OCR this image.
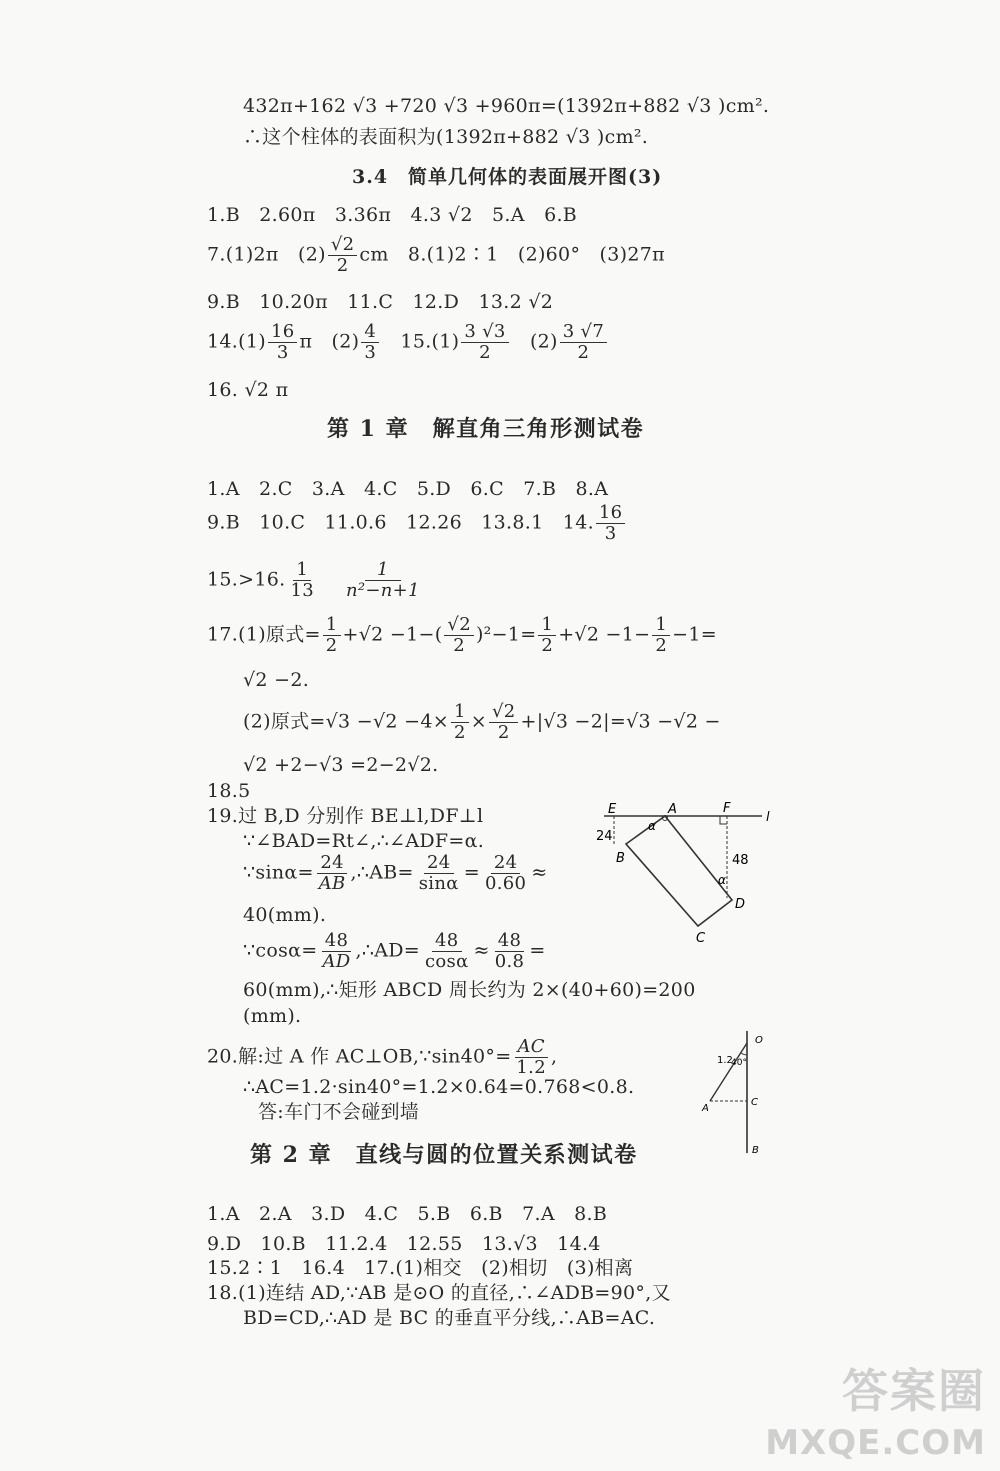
432π+162 √3 +720 √3 +960π=(1392π+882 √3 )cm².
∴这个柱体的表面积为(1392π+882 √3 )cm².
3.4　简单几何体的表面展开图(3)
1.B　2.60π　3.36π　4.3 √2　5.A　6.B
7.(1)2π　$(2) \frac{√2}{2}$ cm　8.(1)2∶1　(2)60°　(3)27π
9.B　10.20π　11.C　12.D　13.2 √2
$14.(1) \frac{16}{3}$ π　$(2) \frac{4}{3}$ 　$15.(1) \frac{3 √3}{2}$ 　$(2) \frac{3 √7}{2}$
16. √2 π
第 1 章　解直角三角形测试卷
1.A　2.C　3.A　4.C　5.D　6.C　7.B　8.A
9.B　10.C　11.0.6　12.26　13.8.1　14. $\frac{16}{3}$
15.>16. $\frac{1}{13} \frac{1}{\text{n²−n+1}}$
17.(1)原式= $\frac{1}{2} +√2 -1-( \frac{√2}{2} )^2-1= \frac{1}{2} +√2 -1- \frac{1}{2} -1=$
√2 −2.
(2)原式$=√3 -√2 -4\times \frac{1}{2} \times \frac{√2}{2} +|√3 -2|=√3 -√2$ −
√2 +2−√3 =2−2√2.
18.5
19.过 B,D 分别作 BE⊥l,DF⊥l
∵∠BAD=Rt∠,∴∠ADF=α.
∵sinα= $\frac{24}{AB}$ ,∴AB= $\frac{24}{\sin\alpha} = \frac{24}{0.60}$ ≈
40(mm).
∵cosα= $\frac{48}{AD}$ ,∴AD= $\frac{48}{\cos\alpha} \approx \frac{48}{0.8}$ =
60(mm),∴矩形 ABCD 周长约为 2×(40+60)=200
(mm).
20.解:过 A 作 AC⊥OB,∵sin40°= $\frac{AC}{1.2}$ ,
∴AC=1.2·sin40°=1.2×0.64=0.768<0.8.
答:车门不会碰到墙
E	A	F
l
24
α
B	48
α
D
C
O
1.2
40°
A
C
B
第 2 章　直线与圆的位置关系测试卷
1.A　2.A　3.D　4.C　5.B　6.B　7.A　8.B
9.D　10.B　11.2.4　12.55　13.√3　14.4
15.2∶1　16.4　17.(1)相交　(2)相切　(3)相离
18.(1)连结 AD,∵AB 是⊙O 的直径,∴∠ADB=90°,又
BD=CD,∴AD 是 BC 的垂直平分线,∴AB=AC.
答案圈
MXQE.COM
